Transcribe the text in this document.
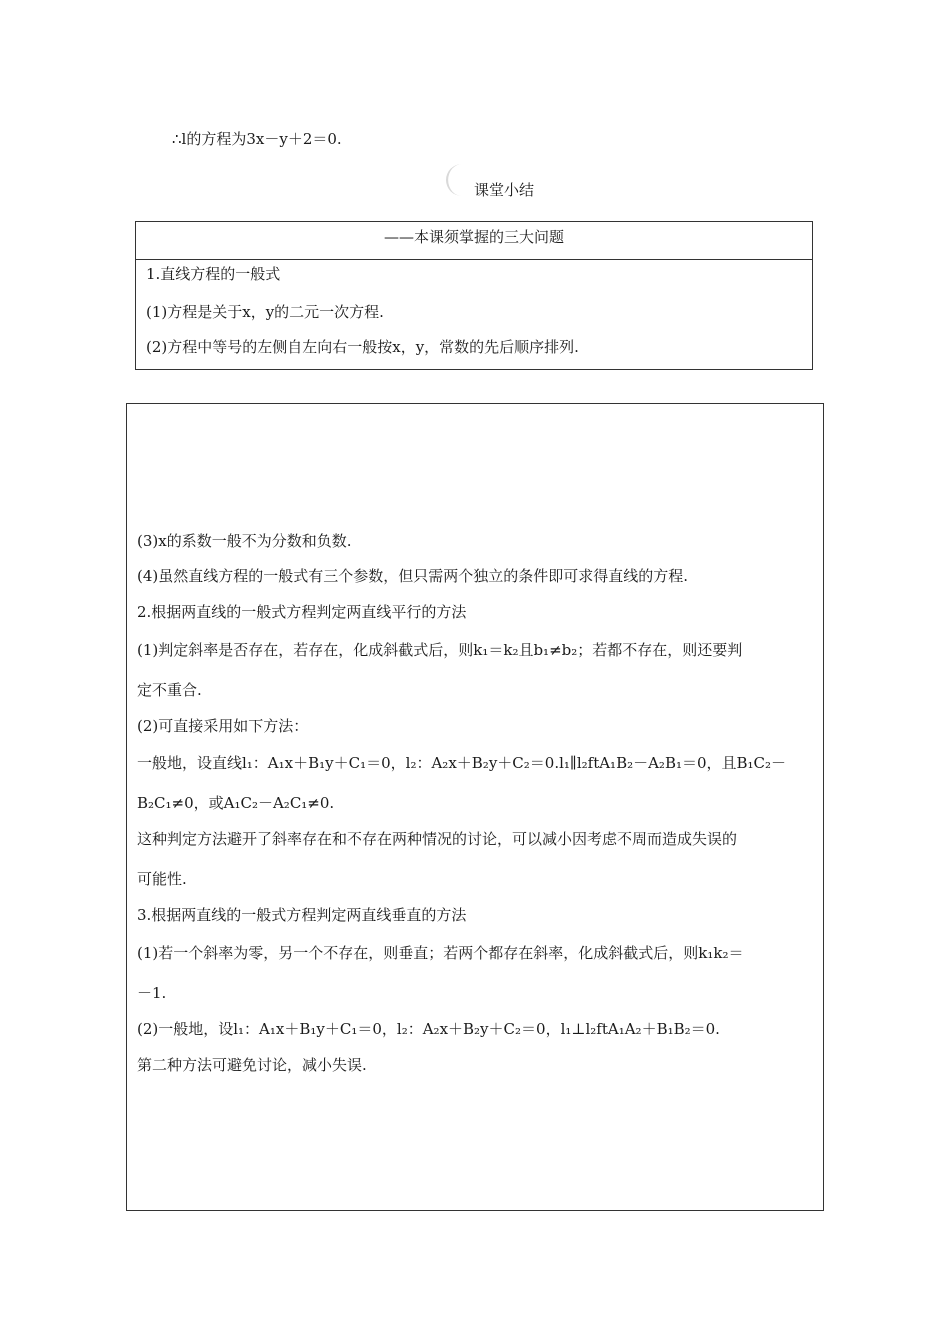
∴l的方程为3x－y＋2＝0.
课堂小结
——本课须掌握的三大问题
1.直线方程的一般式
(1)方程是关于x，y的二元一次方程.
(2)方程中等号的左侧自左向右一般按x，y，常数的先后顺序排列.
(3)x的系数一般不为分数和负数.
(4)虽然直线方程的一般式有三个参数，但只需两个独立的条件即可求得直线的方程.
2.根据两直线的一般式方程判定两直线平行的方法
(1)判定斜率是否存在，若存在，化成斜截式后，则k₁＝k₂且b₁≠b₂；若都不存在，则还要判
定不重合.
(2)可直接采用如下方法：
一般地，设直线l₁：A₁x＋B₁y＋C₁＝0，l₂：A₂x＋B₂y＋C₂＝0.l₁∥l₂ftA₁B₂－A₂B₁＝0，且B₁C₂－
B₂C₁≠0，或A₁C₂－A₂C₁≠0.
这种判定方法避开了斜率存在和不存在两种情况的讨论，可以减小因考虑不周而造成失误的
可能性.
3.根据两直线的一般式方程判定两直线垂直的方法
(1)若一个斜率为零，另一个不存在，则垂直；若两个都存在斜率，化成斜截式后，则k₁k₂＝
－1.
(2)一般地，设l₁：A₁x＋B₁y＋C₁＝0，l₂：A₂x＋B₂y＋C₂＝0，l₁⊥l₂ftA₁A₂＋B₁B₂＝0.
第二种方法可避免讨论，减小失误.
